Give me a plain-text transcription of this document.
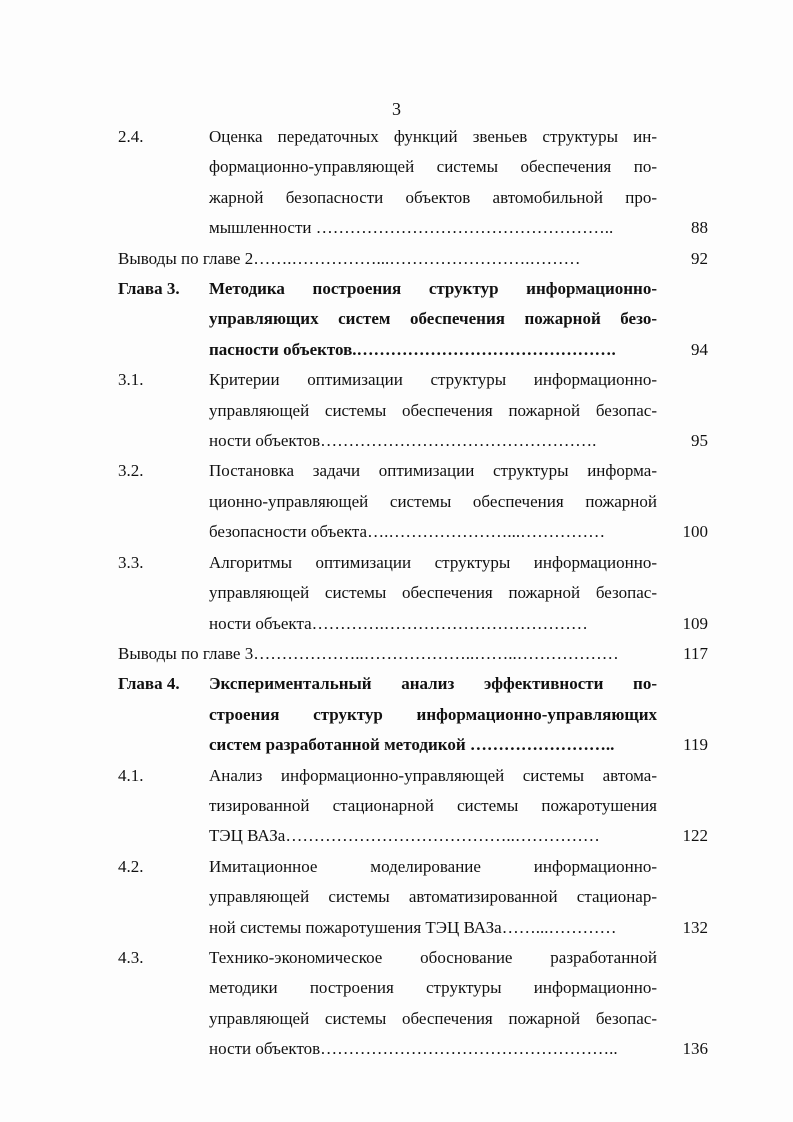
3
2.4.	Оценка передаточных функций звеньев структуры ин-
формационно-управляющей системы обеспечения по-
жарной безопасности объектов автомобильной про-
мышленности ……………………………………………..	88
Выводы по главе 2…….……………...…………………….………	92
Глава 3.	Методика построения структур информационно-
управляющих систем обеспечения пожарной безо-
пасности объектов.……………………………………….	94
3.1.	Критерии оптимизации структуры информационно-
управляющей системы обеспечения пожарной безопас-
ности объектов………………………………………….	95
3.2.	Постановка задачи оптимизации структуры информа-
ционно-управляющей системы обеспечения пожарной
безопасности объекта….…………………...……………	100
3.3.	Алгоритмы оптимизации структуры информационно-
управляющей системы обеспечения пожарной безопас-
ности объекта………….………………………………	109
Выводы по главе 3………………..………………..……..………………	117
Глава 4.	Экспериментальный анализ эффективности по-
строения структур информационно-управляющих
систем разработанной методикой ……………………..	119
4.1.	Анализ информационно-управляющей системы автома-
тизированной стационарной системы пожаротушения
ТЭЦ ВАЗа…………………………………..……………	122
4.2.	Имитационное моделирование информационно-
управляющей системы автоматизированной стационар-
ной системы пожаротушения ТЭЦ ВАЗа……...…………	132
4.3.	Технико-экономическое обоснование разработанной
методики построения структуры информационно-
управляющей системы обеспечения пожарной безопас-
ности объектов……………………………………………..	136
